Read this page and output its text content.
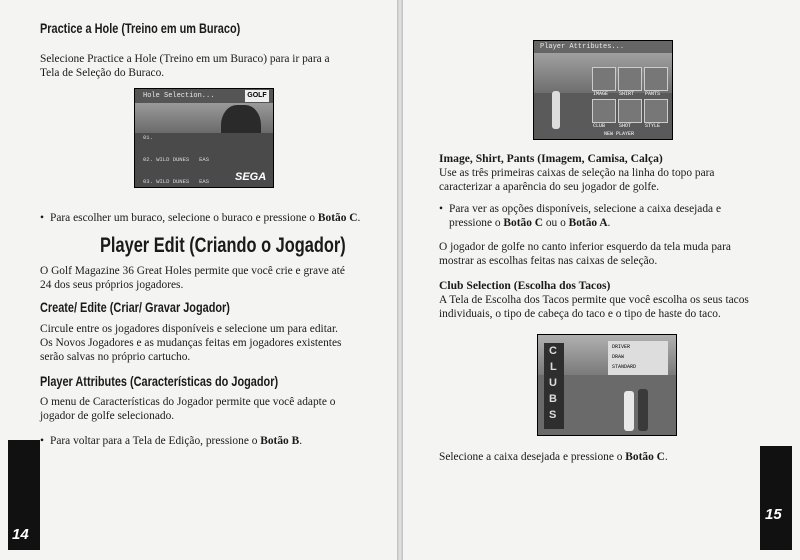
Practice a Hole (Treino em um Buraco)
Selecione Practice a Hole (Treino em um Buraco) para ir para a
Tela de Seleção do Buraco.
Hole Selection...	GOLF

01.

02. WILD DUNES   EAS

03. WILD DUNES   EAS

SEGA
• Para escolher um buraco, selecione o buraco e pressione o Botão C.
Player Edit (Criando o Jogador)
O Golf Magazine 36 Great Holes permite que você crie e grave até
24 dos seus próprios jogadores.
Create/ Edite (Criar/ Gravar Jogador)
Circule entre os jogadores disponíveis e selecione um para editar.
Os Novos Jogadores e as mudanças feitas em jogadores existentes
serão salvas no próprio cartucho.
Player Attributes (Características do Jogador)
O menu de Características do Jogador permite que você adapte o
jogador de golfe selecionado.
• Para voltar para a Tela de Edição, pressione o Botão B.
14
Player Attributes...
IMAGE SHIRT PANTS
CLUB	SHOT	STYLE
NEW PLAYER
Image, Shirt, Pants (Imagem, Camisa, Calça)
Use as três primeiras caixas de seleção na linha do topo para
caracterizar a aparência do seu jogador de golfe.
• Para ver as opções disponíveis, selecione a caixa desejada e
pressione o Botão C ou o Botão A.
O jogador de golfe no canto inferior esquerdo da tela muda para
mostrar as escolhas feitas nas caixas de seleção.
Club Selection (Escolha dos Tacos)
A Tela de Escolha dos Tacos permite que você escolha os seus tacos
individuais, o tipo de cabeça do taco e o tipo de haste do taco.
C
L
U
B
S
DRIVER
DRAW
STANDARD
Selecione a caixa desejada e pressione o Botão C.
15
